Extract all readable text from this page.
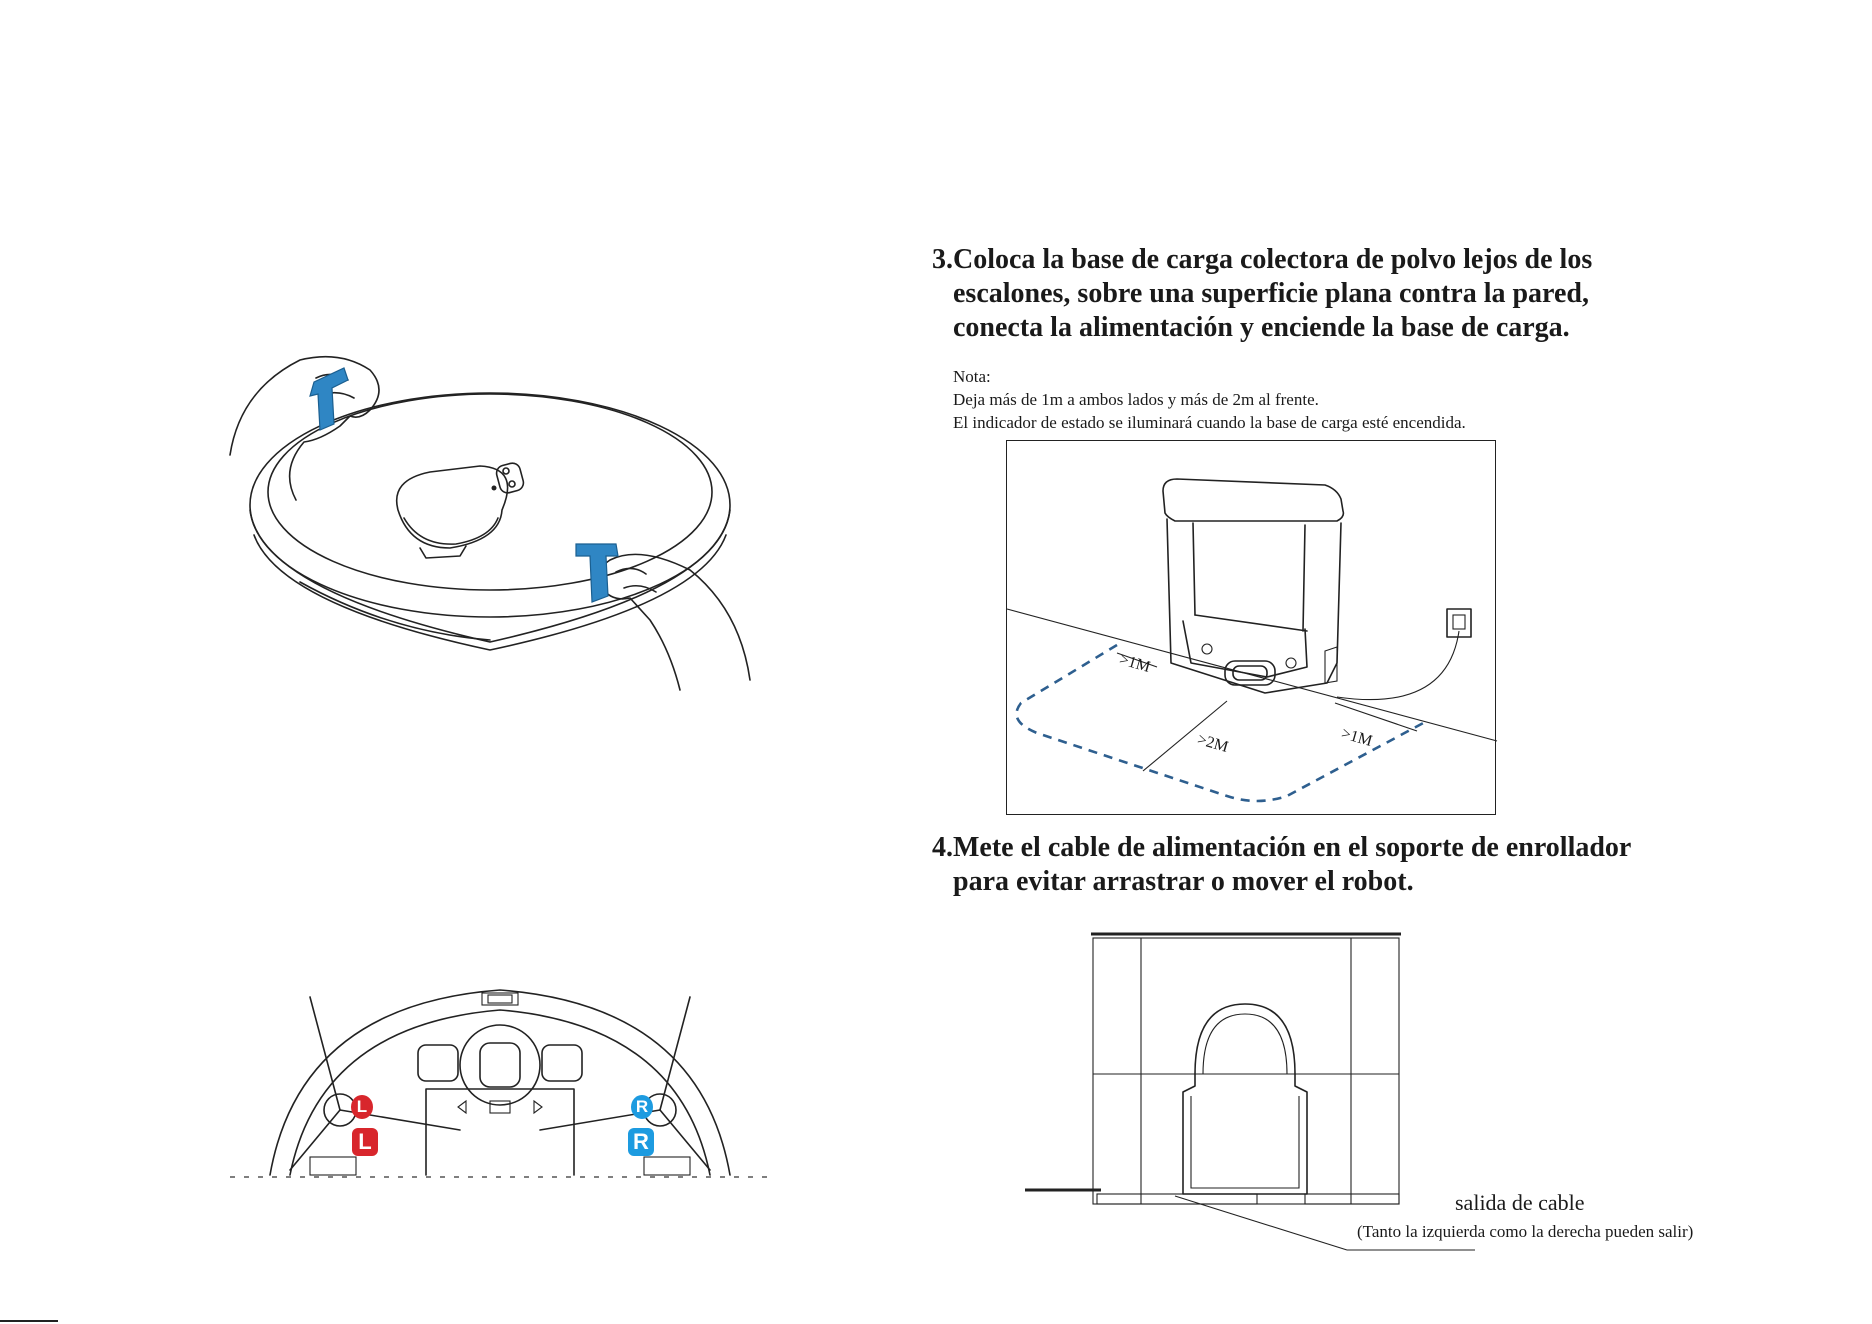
L	R
L	R
3.Coloca la base de carga colectora de polvo lejos de los
escalones, sobre una superficie plana contra la pared,
conecta la alimentación y enciende la base de carga.
Nota:
Deja más de 1m a ambos lados y más de 2m al frente.
El indicador de estado se iluminará cuando la base de carga esté encendida.
>1M
>1M
>2M
4.Mete el cable de alimentación en el soporte de enrollador
para evitar arrastrar o mover el robot.
salida de cable
(Tanto la izquierda como la derecha pueden salir)
